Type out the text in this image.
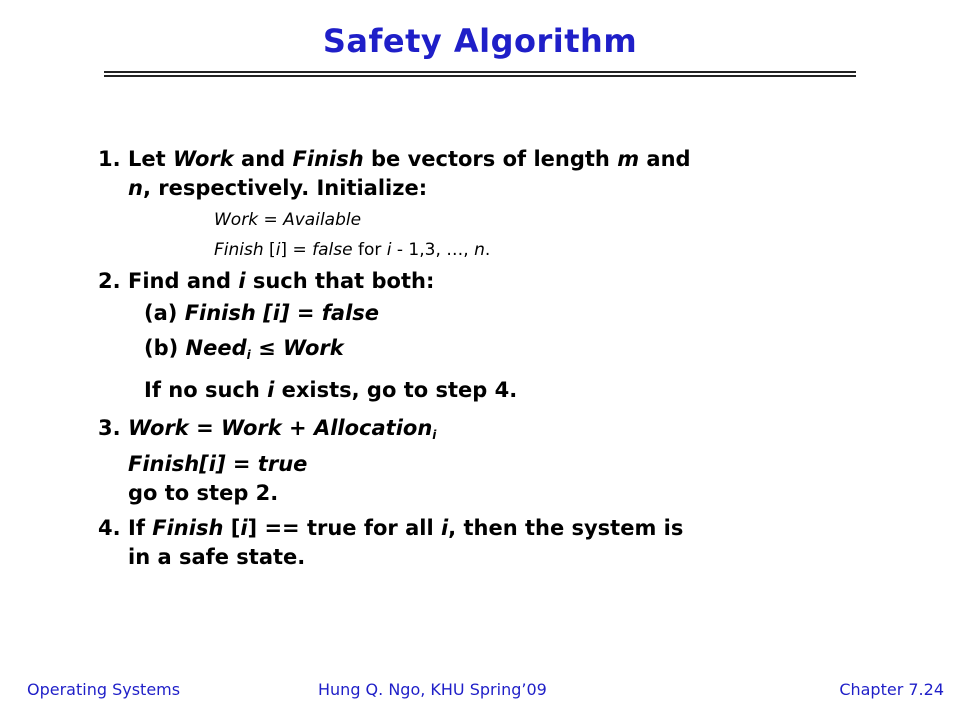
Safety Algorithm
1. Let Work and Finish be vectors of length m and
n, respectively. Initialize:
Work = Available
Finish [i] = false for i - 1,3, …, n.
2. Find and i such that both:
(a) Finish [i] = false
(b) Need$_i$ ≤ Work
If no such i exists, go to step 4.
3. Work = Work + Allocation$_i$
Finish[i] = true
go to step 2.
4. If Finish [i] == true for all i, then the system is
in a safe state.
Operating Systems	Hung Q. Ngo, KHU Spring’09	Chapter 7.24
